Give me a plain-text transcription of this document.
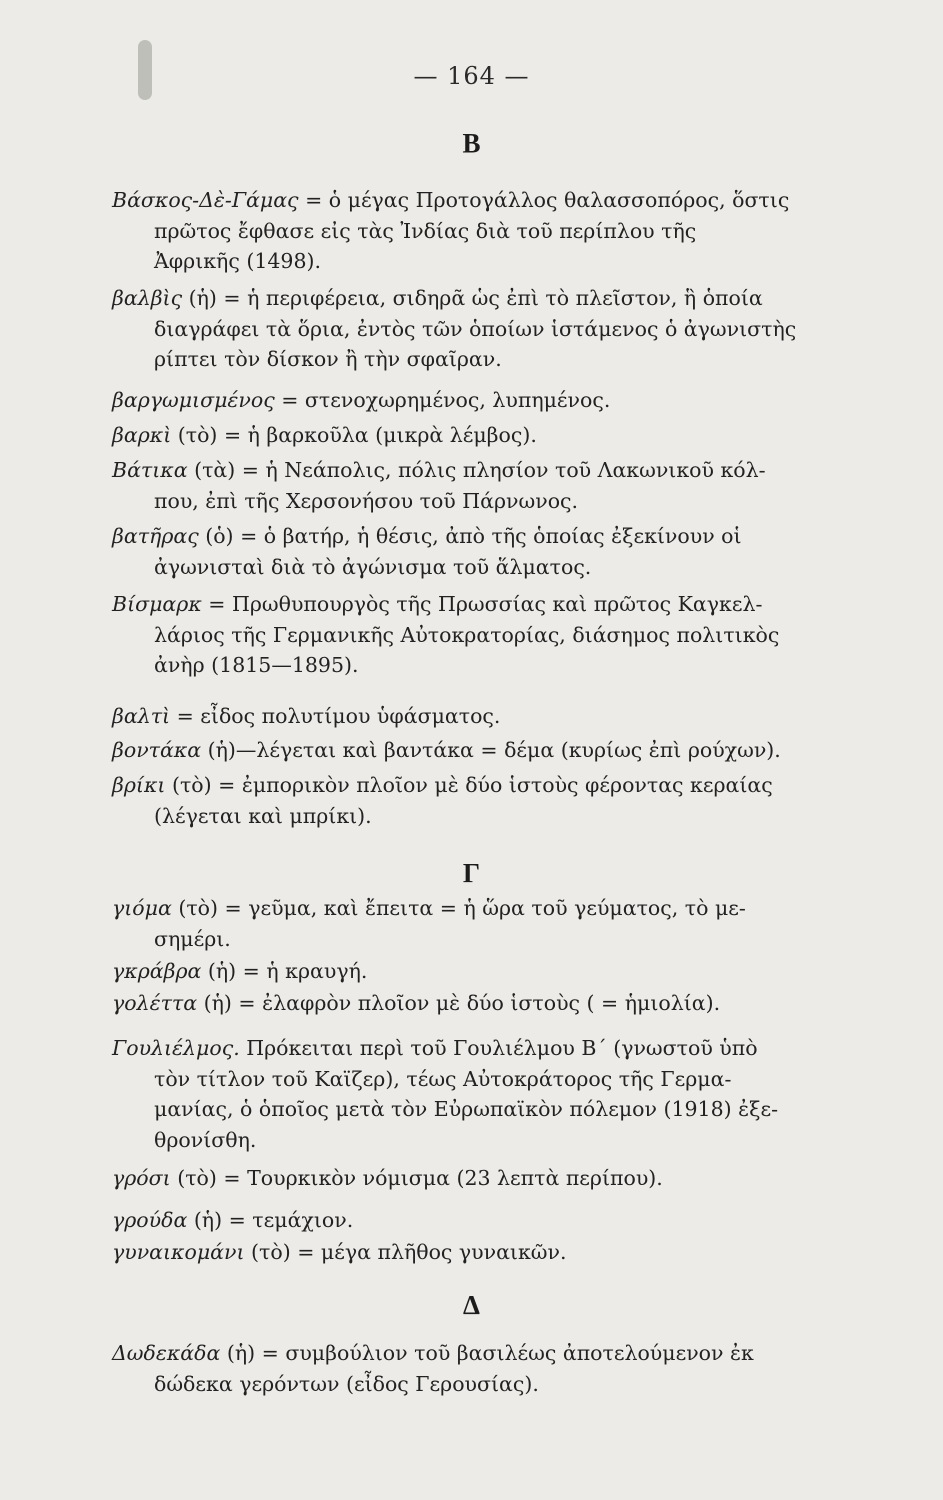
— 164 —
Β
Βάσκος-Δὲ-Γάμας = ὁ μέγας Προτογάλλος θαλασσοπόρος, ὅστις
πρῶτος ἔφθασε εἰς τὰς Ἰνδίας διὰ τοῦ περίπλου τῆς
Ἀφρικῆς (1498).
βαλβὶς (ἡ) = ἡ περιφέρεια, σιδηρᾶ ὡς ἐπὶ τὸ πλεῖστον, ἣ ὁποία
διαγράφει τὰ ὅρια, ἐντὸς τῶν ὁποίων ἱστάμενος ὁ ἀγωνιστὴς
ρίπτει τὸν δίσκον ἢ τὴν σφαῖραν.
βαργωμισμένος = στενοχωρημένος, λυπημένος.
βαρκὶ (τὸ) = ἡ βαρκοῦλα (μικρὰ λέμβος).
Βάτικα (τὰ) = ἡ Νεάπολις, πόλις πλησίον τοῦ Λακωνικοῦ κόλ-
που, ἐπὶ τῆς Χερσονήσου τοῦ Πάρνωνος.
βατῆρας (ὁ) = ὁ βατήρ, ἡ θέσις, ἀπὸ τῆς ὁποίας ἐξεκίνουν οἱ
ἀγωνισταὶ διὰ τὸ ἀγώνισμα τοῦ ἅλματος.
Βίσμαρκ = Πρωθυπουργὸς τῆς Πρωσσίας καὶ πρῶτος Καγκελ-
λάριος τῆς Γερμανικῆς Αὐτοκρατορίας, διάσημος πολιτικὸς
ἀνὴρ (1815—1895).
βαλτὶ = εἶδος πολυτίμου ὑφάσματος.
βοντάκα (ἡ)—λέγεται καὶ βαντάκα = δέμα (κυρίως ἐπὶ ρούχων).
βρίκι (τὸ) = ἐμπορικὸν πλοῖον μὲ δύο ἱστοὺς φέροντας κεραίας
(λέγεται καὶ μπρίκι).
Γ
γιόμα (τὸ) = γεῦμα, καὶ ἔπειτα = ἡ ὥρα τοῦ γεύματος, τὸ με-
σημέρι.
γκράβρα (ἡ) = ἡ κραυγή.
γολέττα (ἡ) = ἐλαφρὸν πλοῖον μὲ δύο ἱστοὺς ( = ἡμιολία).
Γουλιέλμος. Πρόκειται περὶ τοῦ Γουλιέλμου Β΄ (γνωστοῦ ὑπὸ
τὸν τίτλον τοῦ Καϊζερ), τέως Αὐτοκράτορος τῆς Γερμα-
μανίας, ὁ ὁποῖος μετὰ τὸν Εὐρωπαϊκὸν πόλεμον (1918) ἐξε-
θρονίσθη.
γρόσι (τὸ) = Τουρκικὸν νόμισμα (23 λεπτὰ περίπου).
γρούδα (ἡ) = τεμάχιον.
γυναικομάνι (τὸ) = μέγα πλῆθος γυναικῶν.
Δ
Δωδεκάδα (ἡ) = συμβούλιον τοῦ βασιλέως ἀποτελούμενον ἐκ
δώδεκα γερόντων (εἶδος Γερουσίας).
